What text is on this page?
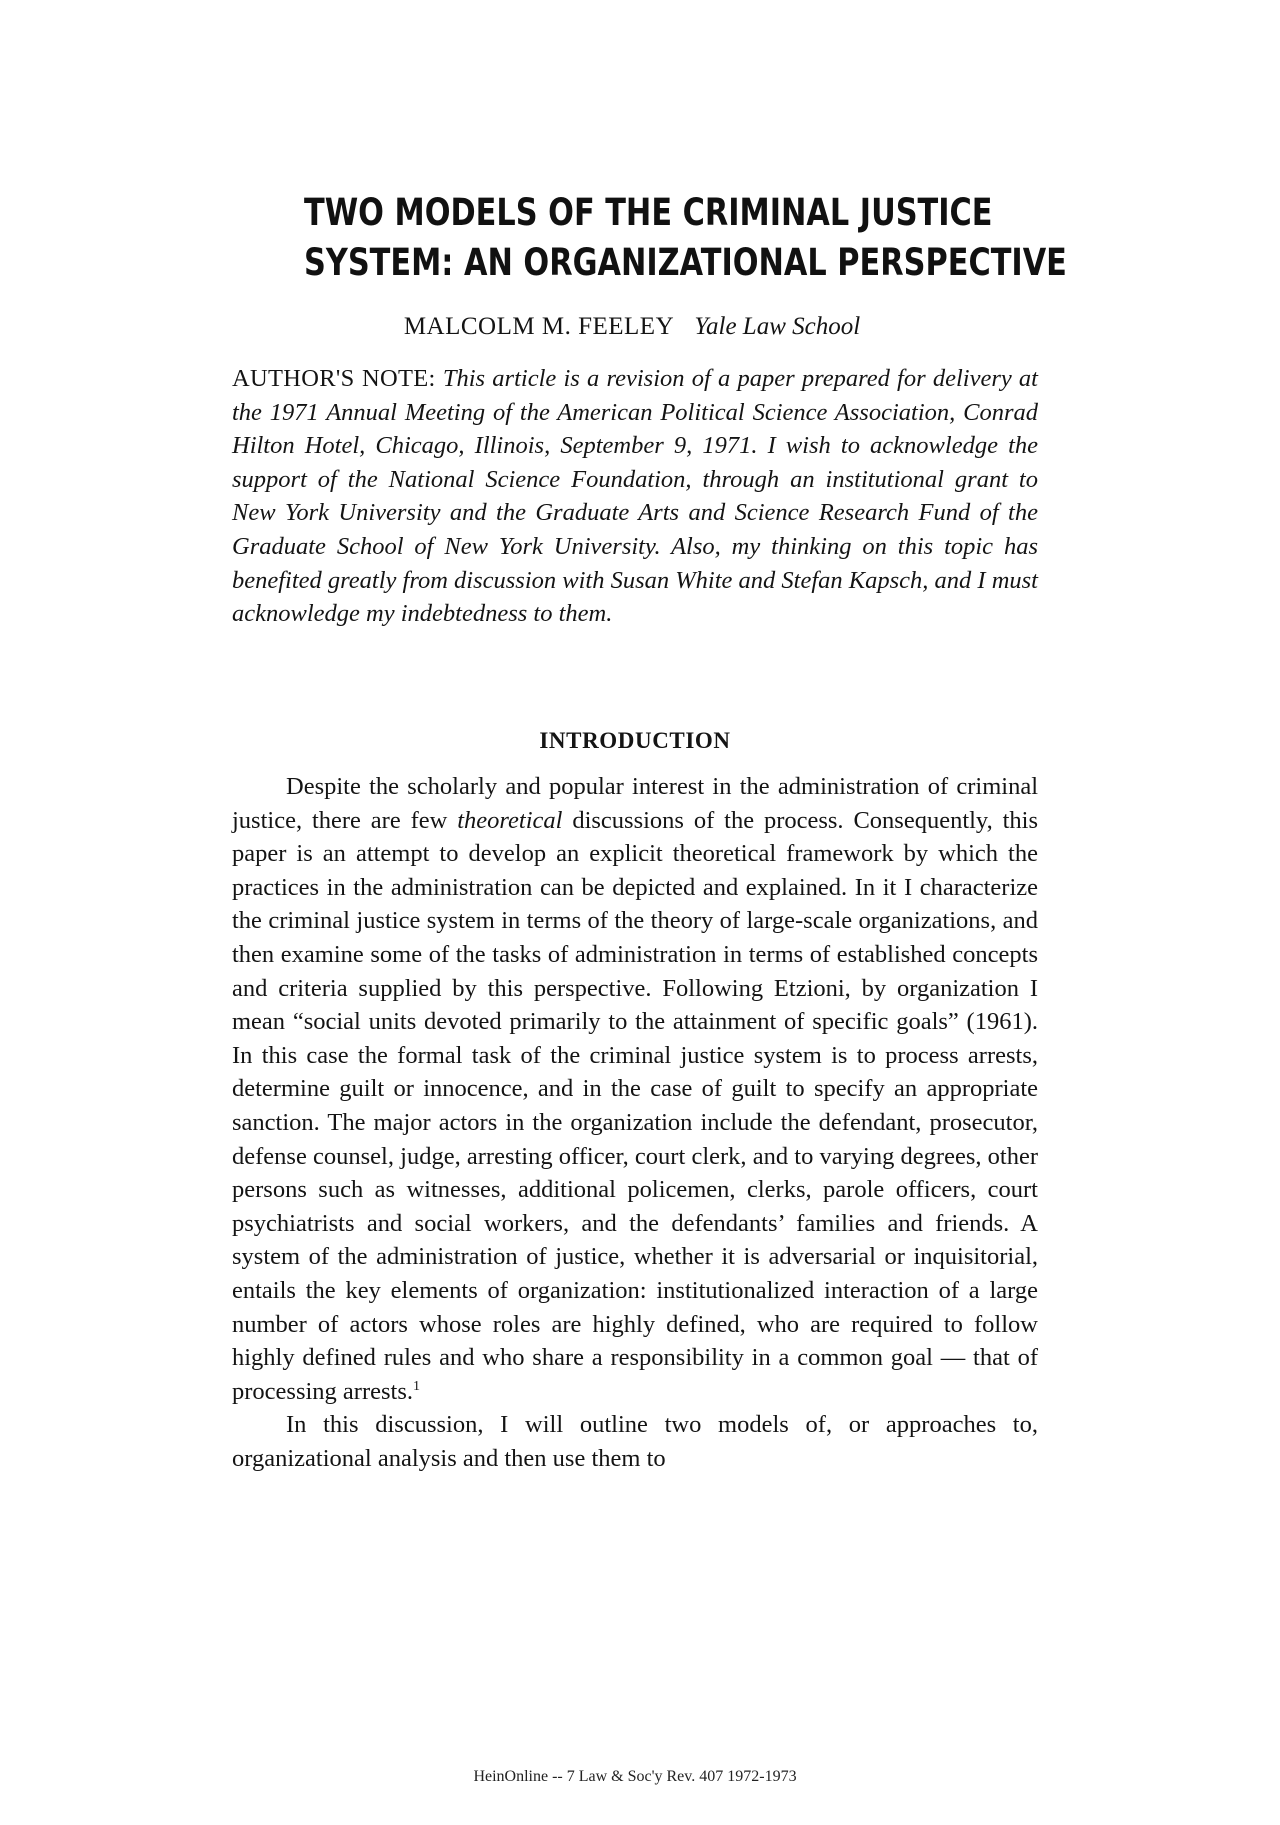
TWO MODELS OF THE CRIMINAL JUSTICE
SYSTEM: AN ORGANIZATIONAL PERSPECTIVE
MALCOLM M. FEELEY Yale Law School

AUTHOR'S NOTE: This article is a revision of a paper prepared for delivery at the 1971 Annual Meeting of the American Political Science Association, Conrad Hilton Hotel, Chicago, Illinois, September 9, 1971. I wish to acknowledge the support of the National Science Foundation, through an institutional grant to New York University and the Graduate Arts and Science Research Fund of the Graduate School of New York University. Also, my thinking on this topic has benefited greatly from discussion with Susan White and Stefan Kapsch, and I must acknowledge my indebtedness to them.

INTRODUCTION

Despite the scholarly and popular interest in the administration of criminal justice, there are few theoretical discussions of the process. Consequently, this paper is an attempt to develop an explicit theoretical framework by which the practices in the administration can be depicted and explained. In it I characterize the criminal justice system in terms of the theory of large-scale organizations, and then examine some of the tasks of administration in terms of established concepts and criteria supplied by this perspective. Following Etzioni, by organization I mean “social units devoted primarily to the attainment of specific goals” (1961). In this case the formal task of the criminal justice system is to process arrests, determine guilt or innocence, and in the case of guilt to specify an appropriate sanction. The major actors in the organization include the defendant, prosecutor, defense counsel, judge, arresting officer, court clerk, and to varying degrees, other persons such as witnesses, additional policemen, clerks, parole officers, court psychiatrists and social workers, and the defendants’ families and friends. A system of the administration of justice, whether it is adversarial or inquisitorial, entails the key elements of organization: institutionalized interaction of a large number of actors whose roles are highly defined, who are required to follow highly defined rules and who share a responsibility in a common goal — that of processing arrests.$^1$

In this discussion, I will outline two models of, or approaches to, organizational analysis and then use them to

HeinOnline -- 7 Law & Soc'y Rev. 407 1972-1973
